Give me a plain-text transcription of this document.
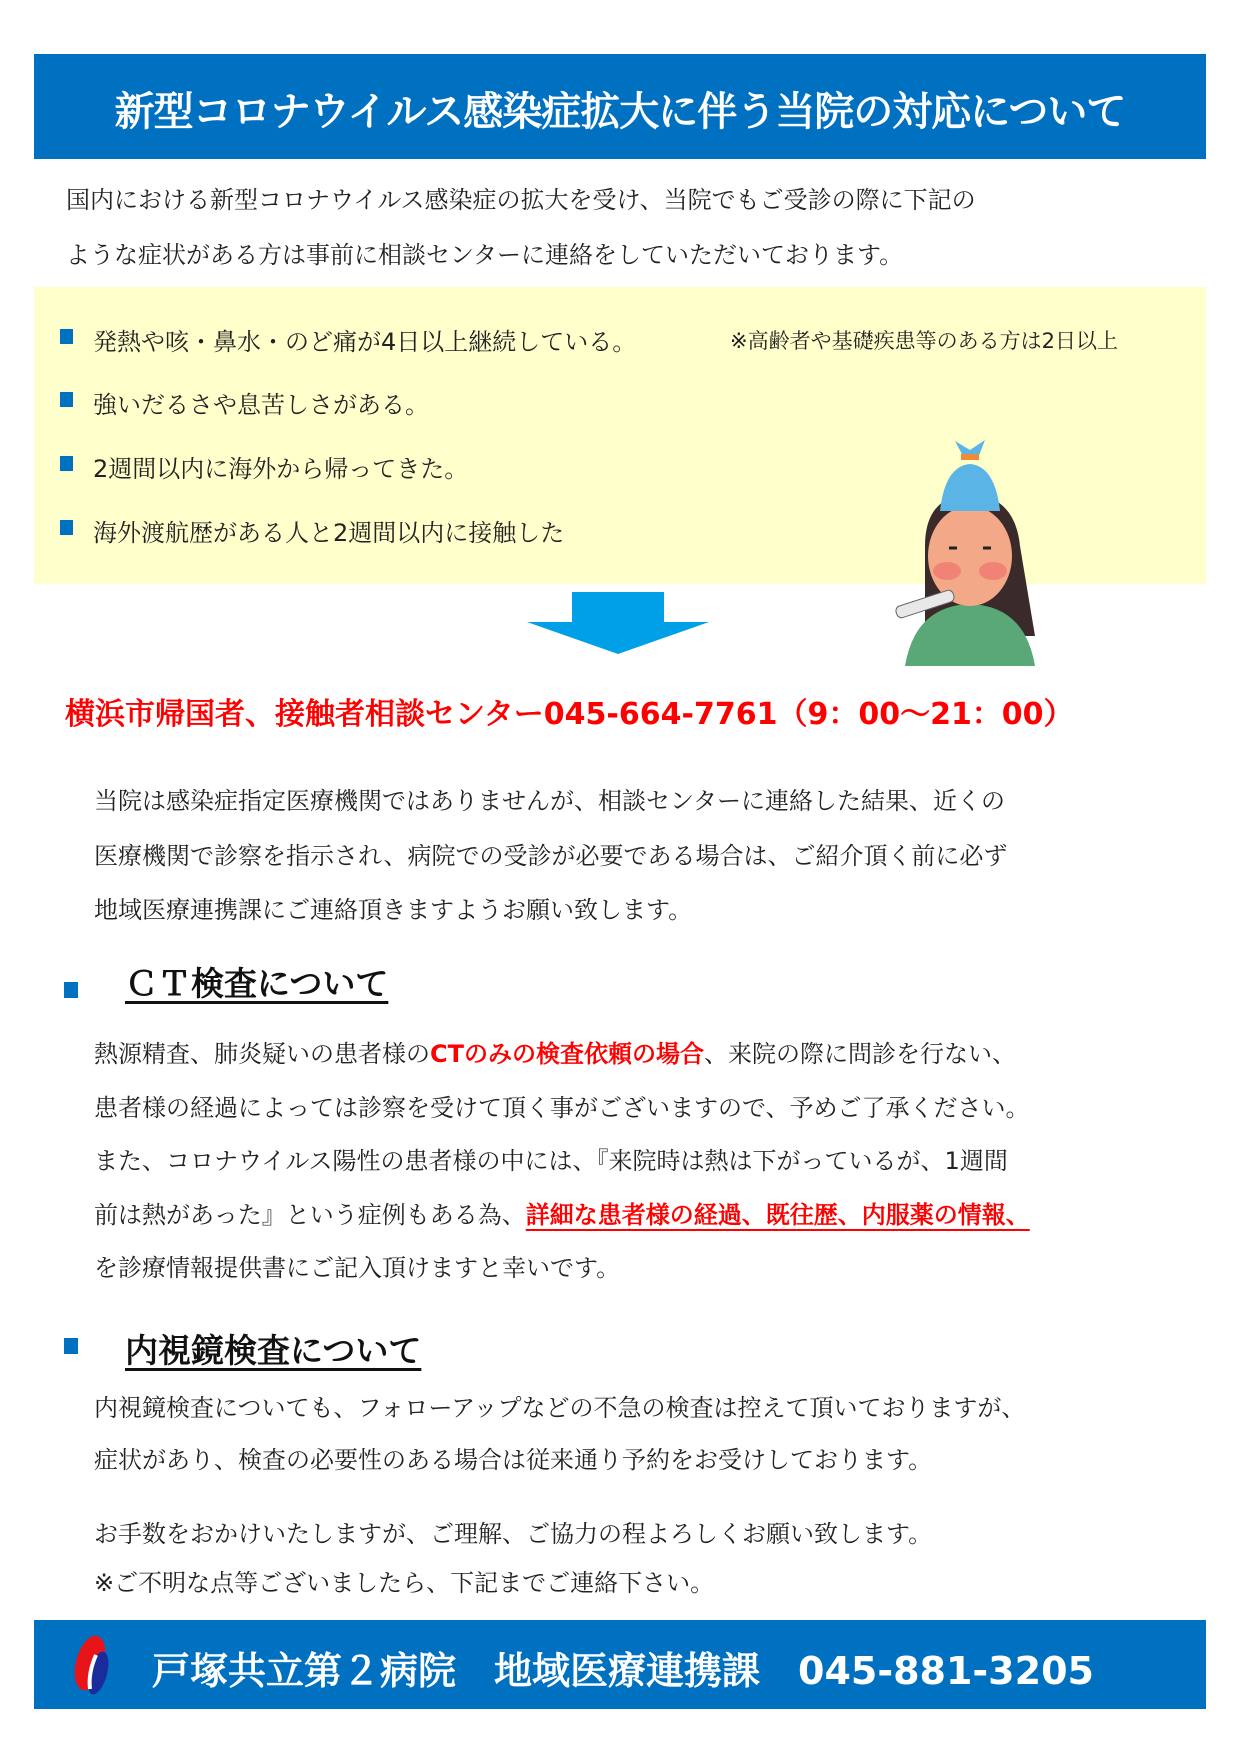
新型コロナウイルス感染症拡大に伴う当院の対応について
国内における新型コロナウイルス感染症の拡大を受け、当院でもご受診の際に下記の
ような症状がある方は事前に相談センターに連絡をしていただいております。
発熱や咳・鼻水・のど痛が4日以上継続している。	※高齢者や基礎疾患等のある方は2日以上
強いだるさや息苦しさがある。
2週間以内に海外から帰ってきた。
海外渡航歴がある人と2週間以内に接触した
横浜市帰国者、接触者相談センター045-664-7761（9：00～21：00）
当院は感染症指定医療機関ではありませんが、相談センターに連絡した結果、近くの
医療機関で診察を指示され、病院での受診が必要である場合は、ご紹介頂く前に必ず
地域医療連携課にご連絡頂きますようお願い致します。
ＣＴ検査について
熱源精査、肺炎疑いの患者様のCTのみの検査依頼の場合、来院の際に問診を行ない、
患者様の経過によっては診察を受けて頂く事がございますので、予めご了承ください。
また、コロナウイルス陽性の患者様の中には、『来院時は熱は下がっているが、1週間
前は熱があった』という症例もある為、詳細な患者様の経過、既往歴、内服薬の情報、
を診療情報提供書にご記入頂けますと幸いです。
内視鏡検査について
内視鏡検査についても、フォローアップなどの不急の検査は控えて頂いておりますが、
症状があり、検査の必要性のある場合は従来通り予約をお受けしております。
お手数をおかけいたしますが、ご理解、ご協力の程よろしくお願い致します。
※ご不明な点等ございましたら、下記までご連絡下さい。
戸塚共立第２病院　地域医療連携課　045-881-3205
